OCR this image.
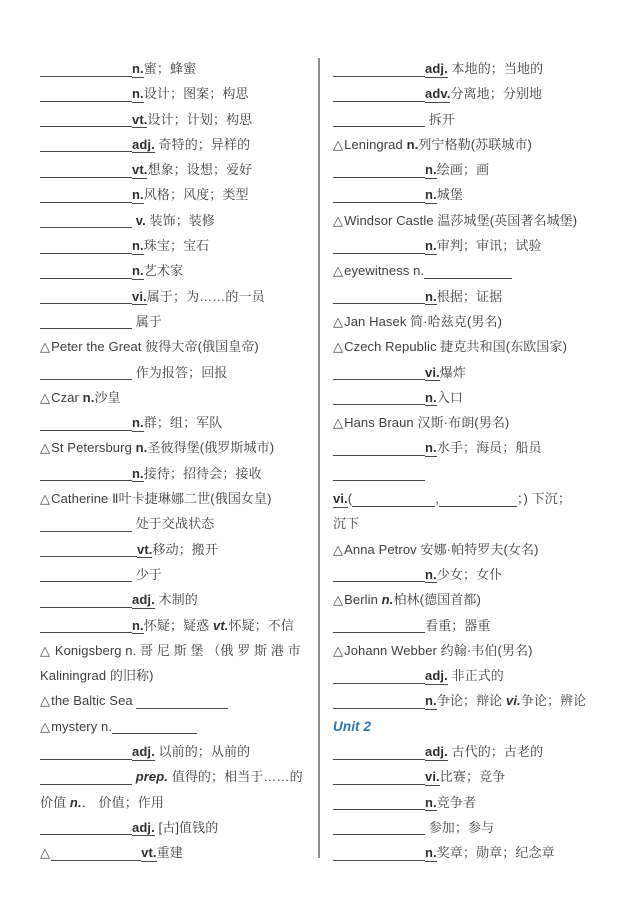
n.蜜；蜂蜜
n.设计；图案；构思
vt.设计；计划；构思
adj. 奇特的；异样的
vt.想象；设想；爱好
n.风格；风度；类型
v. 装饰；装修
n.珠宝；宝石
n.艺术家
vi.属于；为……的一员
属于
△Peter the Great 彼得大帝(俄国皇帝)
作为报答；回报
△Czar n.沙皇
n.群；组；军队
△St Petersburg n.圣彼得堡(俄罗斯城市)
n.接待；招待会；接收
△Catherine Ⅱ叶卡捷琳娜二世(俄国女皇)
处于交战状态
vt.移动；搬开
少于
adj. 木制的
n.怀疑；疑惑 vt.怀疑；不信
△ Konigsberg n. 哥 尼 斯 堡 （俄 罗 斯 港 市
Kaliningrad 的旧称)
△the Baltic Sea
△mystery n.
adj. 以前的；从前的
prep. 值得的；相当于……的
价值 n.． 价值；作用
adj. [古]值钱的
△	vt.重建
adj. 本地的；当地的
adv.分离地；分别地
拆开
△Leningrad n.列宁格勒(苏联城市)
n.绘画；画
n.城堡
△Windsor Castle 温莎城堡(英国著名城堡)
n.审判；审讯；试验
△eyewitness n.
n.根据；证据
△Jan Hasek 简·哈兹克(男名)
△Czech Republic 捷克共和国(东欧国家)
vi.爆炸
n.入口
△Hans Braun 汉斯·布朗(男名)
n.水手；海员；船员
vi.(	,	；) 下沉；
沉下
△Anna Petrov 安娜·帕特罗夫(女名)
n.少女；女仆
△Berlin n.柏林(德国首都)
看重；器重
△Johann Webber 约翰·韦伯(男名)
adj. 非正式的
n.争论；辩论 vi.争论；辨论
Unit 2
adj. 古代的；古老的
vi.比赛；竞争
n.竞争者
参加；参与
n.奖章；勋章；纪念章
